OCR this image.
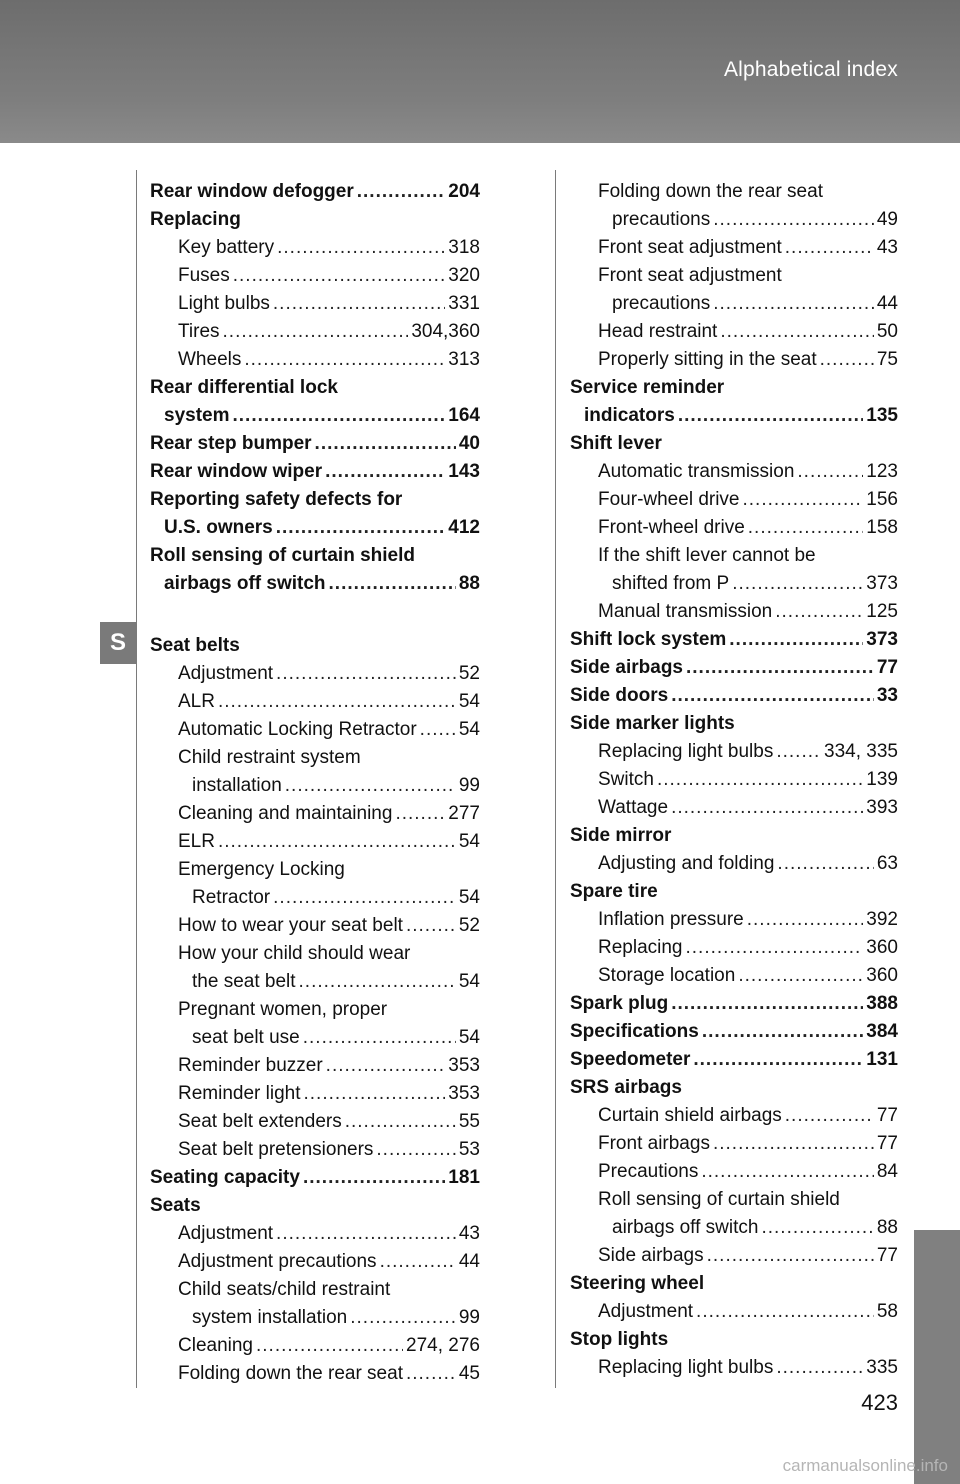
Alphabetical index
S
Rear window defogger .....	204
Replacing
Key battery .....	318
Fuses .....	320
Light bulbs .....	331
Tires .....	304,360
Wheels .....	313
Rear differential lock
system .....	164
Rear step bumper .....	40
Rear window wiper .....	143
Reporting safety defects for
U.S. owners .....	412
Roll sensing of curtain shield
airbags off switch .....	88
Seat belts
Adjustment .....	52
ALR .....	54
Automatic Locking Retractor ..... 54
Child restraint system
installation .....	99
Cleaning and maintaining .....	277
ELR .....	54
Emergency Locking
Retractor .....	54
How to wear your seat belt .....	52
How your child should wear
the seat belt .....	54
Pregnant women, proper
seat belt use .....	54
Reminder buzzer .....	353
Reminder light .....	353
Seat belt extenders .....	55
Seat belt pretensioners .....	53
Seating capacity .....	181
Seats
Adjustment .....	43
Adjustment precautions .....	44
Child seats/child restraint
system installation .....	99
Cleaning .....	274, 276
Folding down the rear seat .....	45
Folding down the rear seat
precautions .....	49
Front seat adjustment .....	43
Front seat adjustment
precautions .....	44
Head restraint .....	50
Properly sitting in the seat .....	75
Service reminder
indicators .....	135
Shift lever
Automatic transmission .....	123
Four-wheel drive .....	156
Front-wheel drive .....	158
If the shift lever cannot be
shifted from P .....	373
Manual transmission .....	125
Shift lock system .....	373
Side airbags .....	77
Side doors .....	33
Side marker lights
Replacing light bulbs .....	334, 335
Switch .....	139
Wattage .....	393
Side mirror
Adjusting and folding .....	63
Spare tire
Inflation pressure .....	392
Replacing .....	360
Storage location .....	360
Spark plug .....	388
Specifications .....	384
Speedometer .....	131
SRS airbags
Curtain shield airbags .....	77
Front airbags .....	77
Precautions .....	84
Roll sensing of curtain shield
airbags off switch .....	88
Side airbags .....	77
Steering wheel
Adjustment .....	58
Stop lights
Replacing light bulbs .....	335
423
carmanualsonline.info
